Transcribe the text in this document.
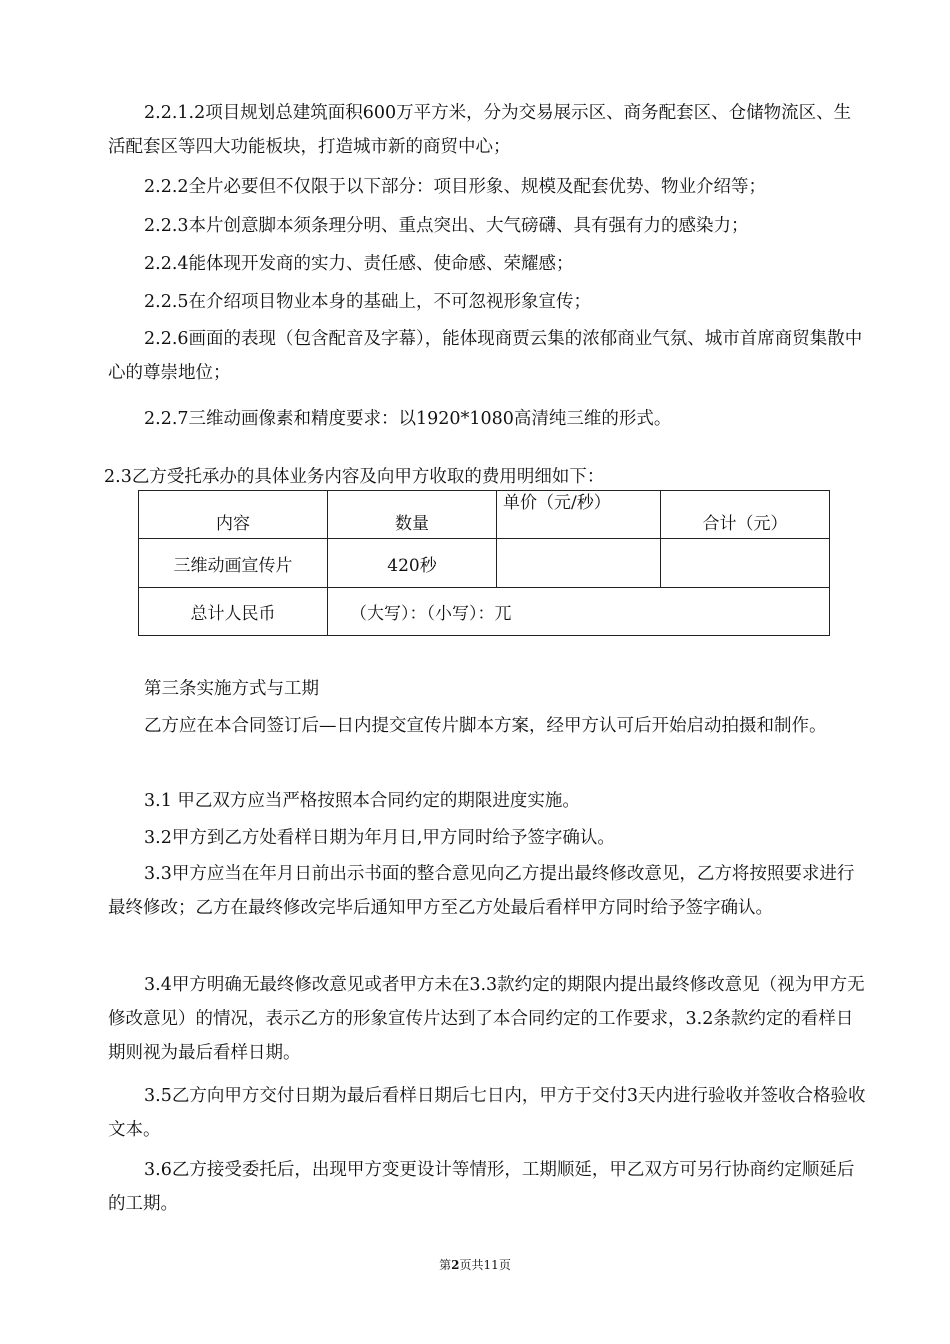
2.2.1.2项目规划总建筑面积600万平方米，分为交易展示区、商务配套区、仓储物流区、生活配套区等四大功能板块，打造城市新的商贸中心；
2.2.2全片必要但不仅限于以下部分：项目形象、规模及配套优势、物业介绍等；
2.2.3本片创意脚本须条理分明、重点突出、大气磅礴、具有强有力的感染力；
2.2.4能体现开发商的实力、责任感、使命感、荣耀感；
2.2.5在介绍项目物业本身的基础上，不可忽视形象宣传；
2.2.6画面的表现（包含配音及字幕），能体现商贾云集的浓郁商业气氛、城市首席商贸集散中心的尊崇地位；
2.2.7三维动画像素和精度要求：以1920*1080高清纯三维的形式。
2.3乙方受托承办的具体业务内容及向甲方收取的费用明细如下：
内容	数量	单价（元/秒）	合计（元）
三维动画宣传片	420秒		
总计人民币	（大写）：（小写）：兀		
第三条实施方式与工期
乙方应在本合同签订后—日内提交宣传片脚本方案，经甲方认可后开始启动拍摄和制作。
3.1 甲乙双方应当严格按照本合同约定的期限进度实施。
3.2甲方到乙方处看样日期为年月日,甲方同时给予签字确认。
3.3甲方应当在年月日前出示书面的整合意见向乙方提出最终修改意见，乙方将按照要求进行最终修改；乙方在最终修改完毕后通知甲方至乙方处最后看样甲方同时给予签字确认。
3.4甲方明确无最终修改意见或者甲方未在3.3款约定的期限内提出最终修改意见（视为甲方无修改意见）的情况，表示乙方的形象宣传片达到了本合同约定的工作要求，3.2条款约定的看样日期则视为最后看样日期。
3.5乙方向甲方交付日期为最后看样日期后七日内，甲方于交付3天内进行验收并签收合格验收文本。
3.6乙方接受委托后，出现甲方变更设计等情形，工期顺延，甲乙双方可另行协商约定顺延后的工期。
第2页共11页
